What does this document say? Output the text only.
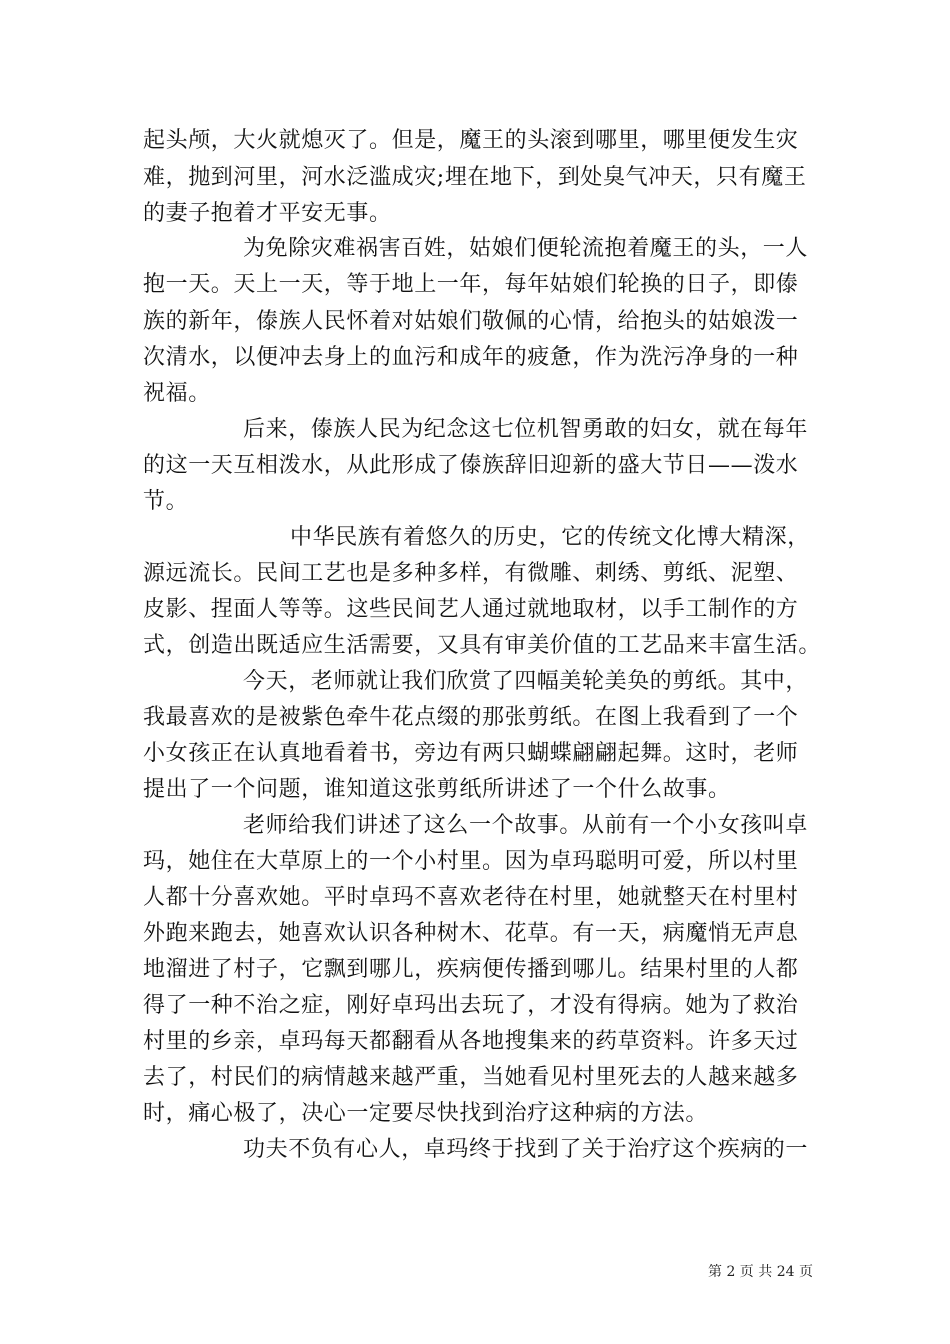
起头颅，大火就熄灭了。但是，魔王的头滚到哪里，哪里便发生灾

难，抛到河里，河水泛滥成灾;埋在地下，到处臭气冲天，只有魔王

的妻子抱着才平安无事。

为免除灾难祸害百姓，姑娘们便轮流抱着魔王的头，一人

抱一天。天上一天，等于地上一年，每年姑娘们轮换的日子，即傣

族的新年，傣族人民怀着对姑娘们敬佩的心情，给抱头的姑娘泼一

次清水，以便冲去身上的血污和成年的疲惫，作为洗污净身的一种

祝福。

后来，傣族人民为纪念这七位机智勇敢的妇女，就在每年

的这一天互相泼水，从此形成了傣族辞旧迎新的盛大节日——泼水

节。

中华民族有着悠久的历史，它的传统文化博大精深，

源远流长。民间工艺也是多种多样，有微雕、刺绣、剪纸、泥塑、

皮影、捏面人等等。这些民间艺人通过就地取材，以手工制作的方

式，创造出既适应生活需要，又具有审美价值的工艺品来丰富生活。

今天，老师就让我们欣赏了四幅美轮美奂的剪纸。其中，

我最喜欢的是被紫色牵牛花点缀的那张剪纸。在图上我看到了一个

小女孩正在认真地看着书，旁边有两只蝴蝶翩翩起舞。这时，老师

提出了一个问题，谁知道这张剪纸所讲述了一个什么故事。

老师给我们讲述了这么一个故事。从前有一个小女孩叫卓

玛，她住在大草原上的一个小村里。因为卓玛聪明可爱，所以村里

人都十分喜欢她。平时卓玛不喜欢老待在村里，她就整天在村里村

外跑来跑去，她喜欢认识各种树木、花草。有一天，病魔悄无声息

地溜进了村子，它飘到哪儿，疾病便传播到哪儿。结果村里的人都

得了一种不治之症，刚好卓玛出去玩了，才没有得病。她为了救治

村里的乡亲，卓玛每天都翻看从各地搜集来的药草资料。许多天过

去了，村民们的病情越来越严重，当她看见村里死去的人越来越多

时，痛心极了，决心一定要尽快找到治疗这种病的方法。

功夫不负有心人，卓玛终于找到了关于治疗这个疾病的一

第 2 页 共 24 页
